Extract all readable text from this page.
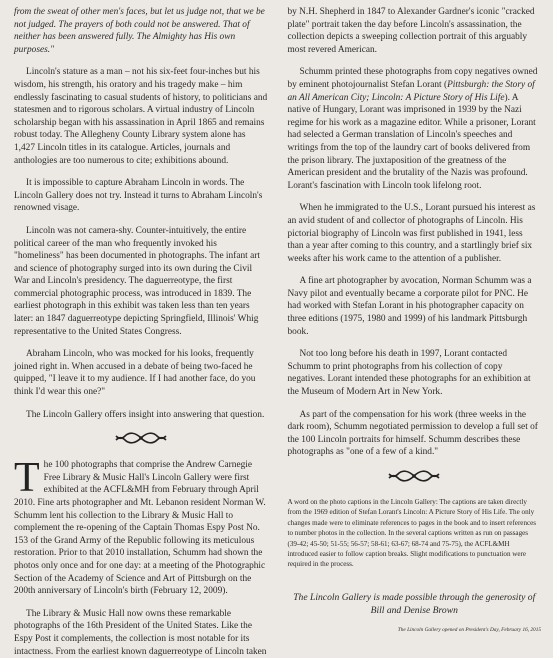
from the sweat of other men's faces, but let us judge not, that we be not judged. The prayers of both could not be answered. That of neither has been answered fully. The Almighty has His own purposes."

Lincoln's stature as a man – not his six-feet four-inches but his wisdom, his strength, his oratory and his tragedy make – him endlessly fascinating to casual students of history, to politicians and statesmen and to rigorous scholars. A virtual industry of Lincoln scholarship began with his assassination in April 1865 and remains robust today. The Allegheny County Library system alone has 1,427 Lincoln titles in its catalogue. Articles, journals and anthologies are too numerous to cite; exhibitions abound.

It is impossible to capture Abraham Lincoln in words. The Lincoln Gallery does not try. Instead it turns to Abraham Lincoln's renowned visage.

Lincoln was not camera-shy. Counter-intuitively, the entire political career of the man who frequently invoked his "homeliness" has been documented in photographs. The infant art and science of photography surged into its own during the Civil War and Lincoln's presidency. The daguerreotype, the first commercial photographic process, was introduced in 1839. The earliest photograph in this exhibit was taken less than ten years later: an 1847 daguerreotype depicting Springfield, Illinois' Whig representative to the United States Congress.

Abraham Lincoln, who was mocked for his looks, frequently joined right in. When accused in a debate of being two-faced he quipped, "I leave it to my audience. If I had another face, do you think I'd wear this one?"

The Lincoln Gallery offers insight into answering that question.

The 100 photographs that comprise the Andrew Carnegie Free Library & Music Hall's Lincoln Gallery were first exhibited at the ACFL&MH from February through April 2010. Fine arts photographer and Mt. Lebanon resident Norman W. Schumm lent his collection to the Library & Music Hall to complement the re-opening of the Captain Thomas Espy Post No. 153 of the Grand Army of the Republic following its meticulous restoration. Prior to that 2010 installation, Schumm had shown the photos only once and for one day: at a meeting of the Photographic Section of the Academy of Science and Art of Pittsburgh on the 200th anniversary of Lincoln's birth (February 12, 2009).

The Library & Music Hall now owns these remarkable photographs of the 16th President of the United States. Like the Espy Post it complements, the collection is most notable for its intactness. From the earliest known daguerreotype of Lincoln taken

by N.H. Shepherd in 1847 to Alexander Gardner's iconic "cracked plate" portrait taken the day before Lincoln's assassination, the collection depicts a sweeping collection portrait of this arguably most revered American.

Schumm printed these photographs from copy negatives owned by eminent photojournalist Stefan Lorant (Pittsburgh: the Story of an All American City; Lincoln: A Picture Story of His Life). A native of Hungary, Lorant was imprisoned in 1939 by the Nazi regime for his work as a magazine editor. While a prisoner, Lorant had selected a German translation of Lincoln's speeches and writings from the top of the laundry cart of books delivered from the prison library. The juxtaposition of the greatness of the American president and the brutality of the Nazis was profound. Lorant's fascination with Lincoln took lifelong root.

When he immigrated to the U.S., Lorant pursued his interest as an avid student of and collector of photographs of Lincoln. His pictorial biography of Lincoln was first published in 1941, less than a year after coming to this country, and a startlingly brief six weeks after his work came to the attention of a publisher.

A fine art photographer by avocation, Norman Schumm was a Navy pilot and eventually became a corporate pilot for PNC. He had worked with Stefan Lorant in his photographer capacity on three editions (1975, 1980 and 1999) of his landmark Pittsburgh book.

Not too long before his death in 1997, Lorant contacted Schumm to print photographs from his collection of copy negatives. Lorant intended these photographs for an exhibition at the Museum of Modern Art in New York.

As part of the compensation for his work (three weeks in the dark room), Schumm negotiated permission to develop a full set of the 100 Lincoln portraits for himself. Schumm describes these photographs as "one of a few of a kind."

A word on the photo captions in the Lincoln Gallery: The captions are taken directly from the 1969 edition of Stefan Lorant's Lincoln: A Picture Story of His Life. The only changes made were to eliminate references to pages in the book and to insert references to number photos in the collection. In the several captions written as run on passages (39-42; 45-50; 51-55; 56-57; 58-61; 63-67; 68-74 and 75-75), the ACFL&MH introduced easier to follow caption breaks. Slight modifications to punctuation were required in the process.

The Lincoln Gallery is made possible through the generosity of
Bill and Denise Brown

The Lincoln Gallery opened on President's Day, February 16, 2015
